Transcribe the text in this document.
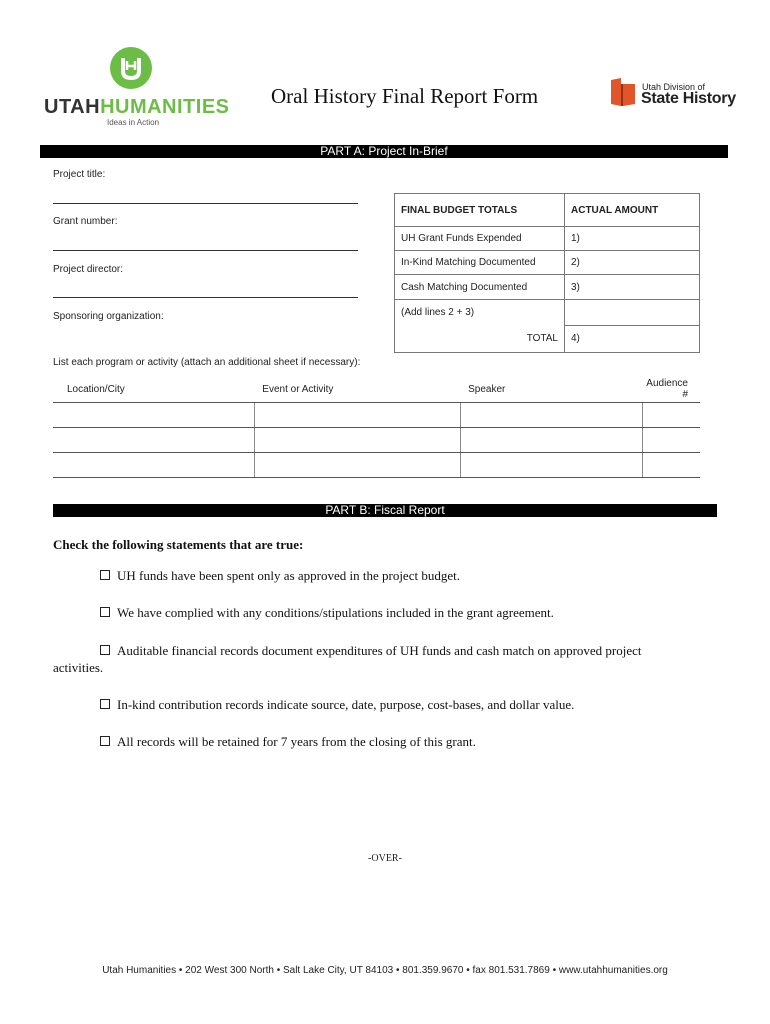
UTAHHUMANITIES
Ideas in Action
Oral History Final Report Form	Utah Division of
State History
PART A: Project In-Brief
Project title:
Grant number:
Project director:
Sponsoring organization:
FINAL BUDGET TOTALS	ACTUAL AMOUNT
UH Grant Funds Expended	1)
In-Kind Matching Documented	2)
Cash Matching Documented	3)
(Add lines 2 + 3)	
TOTAL	4)
List each program or activity (attach an additional sheet if necessary):
Location/City	Event or Activity	Speaker	Audience #

PART B: Fiscal Report
Check the following statements that are true:
UH funds have been spent only as approved in the project budget.
We have complied with any conditions/stipulations included in the grant agreement.
Auditable financial records document expenditures of UH funds and cash match on approved project activities.
In-kind contribution records indicate source, date, purpose, cost-bases, and dollar value.
All records will be retained for 7 years from the closing of this grant.
-OVER-
Utah Humanities • 202 West 300 North • Salt Lake City, UT 84103 • 801.359.9670 • fax 801.531.7869 • www.utahhumanities.org
